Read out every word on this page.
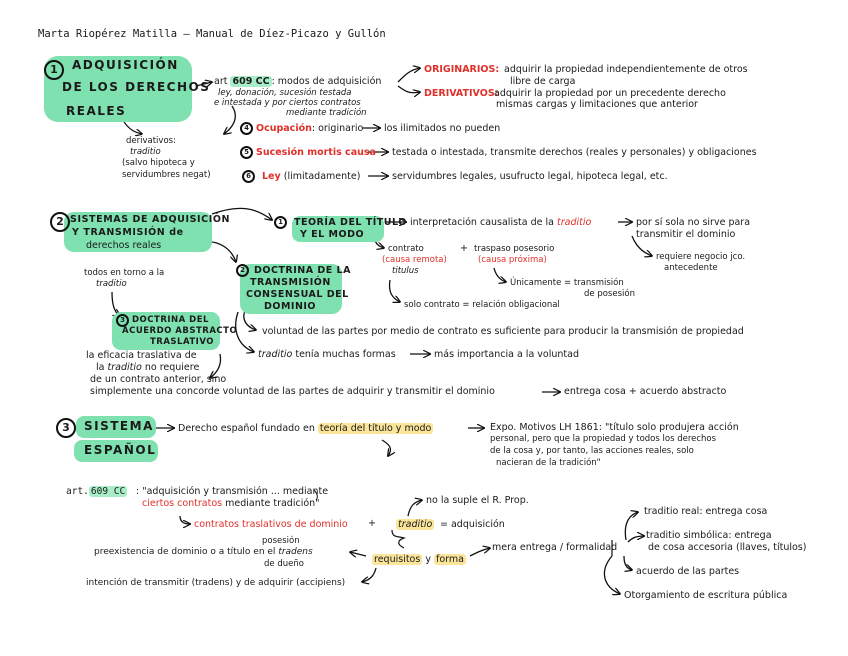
Marta Riopérez Matilla – Manual de Díez-Picazo y Gullón
1	ADQUISICIÓN
DE LOS DERECHOS
REALES
art 609 CC : modos de adquisición
ley, donación, sucesión testada
e intestada y por ciertos contratos
mediante tradición
ORIGINARIOS: adquirir la propiedad independientemente de otros
libre de carga
DERIVATIVOS:
adquirir la propiedad por un precedente derecho
mismas cargas y limitaciones que anterior
derivativos:
traditio
(salvo hipoteca y
servidumbres negat)
4 Ocupación: originario los ilimitados no pueden
5 Sucesión mortis causa testada o intestada, transmite derechos (reales y personales) y obligaciones
6	Ley (limitadamente)	servidumbres legales, usufructo legal, hipoteca legal, etc.
2 SISTEMAS DE ADQUISICIÓN
Y TRANSMISIÓN de
derechos reales
1	TEORÍA DEL TÍTULO
Y EL MODO
interpretación causalista de la traditio	por sí sola no sirve para
transmitir el dominio
requiere negocio jco.
antecedente
contrato
(causa remota)
titulus
+ traspaso posesorio
(causa próxima)
Únicamente = transmisión
de posesión
solo contrato = relación obligacional
todos en torno a la
traditio
2 DOCTRINA DE LA
TRANSMISIÓN
CONSENSUAL DEL
DOMINIO
voluntad de las partes por medio de contrato es suficiente para producir la transmisión de propiedad
traditio tenía muchas formas	más importancia a la voluntad
3 DOCTRINA DEL
ACUERDO ABSTRACTO
TRASLATIVO
la eficacia traslativa de
la traditio no requiere
de un contrato anterior, sino
simplemente una concorde voluntad de las partes de adquirir y transmitir el dominio	entrega cosa + acuerdo abstracto
3	SISTEMA
ESPAÑOL
Derecho español fundado en teoría del título y modo	Expo. Motivos LH 1861: "título solo produjera acción
personal, pero que la propiedad y todos los derechos
de la cosa y, por tanto, las acciones reales, solo
nacieran de la tradición"
art. 609 CC : "adquisición y transmisión ... mediante
ciertos contratos mediante tradición"
contratos traslativos de dominio + traditio = adquisición
no la suple el R. Prop.
posesión
preexistencia de dominio o a título en el tradens
de dueño	requisitos y forma
mera entrega / formalidad
intención de transmitir (tradens) y de adquirir (accipiens)
traditio real: entrega cosa
traditio simbólica: entrega
de cosa accesoria (llaves, títulos)
acuerdo de las partes
Otorgamiento de escritura pública
